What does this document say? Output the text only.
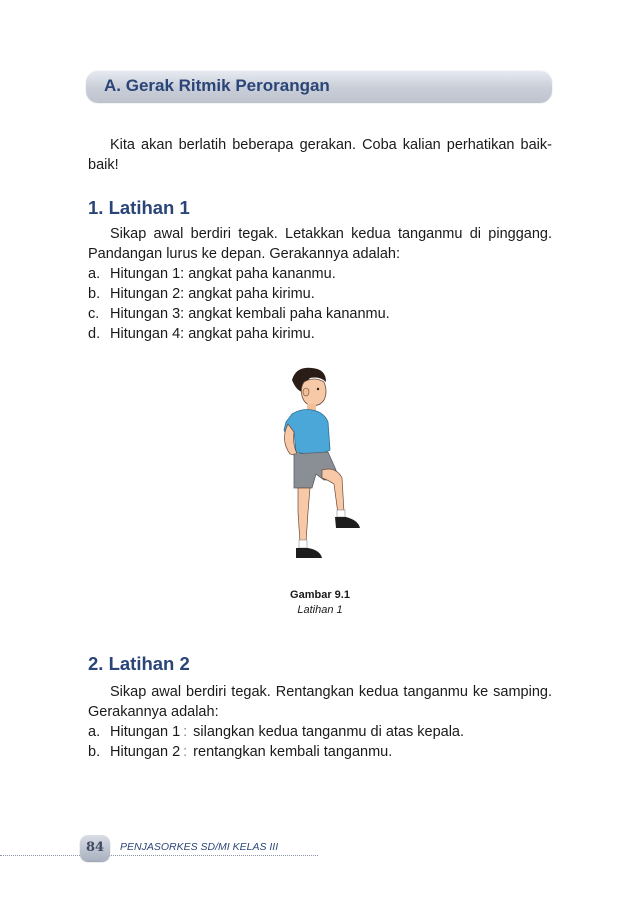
A. Gerak Ritmik Perorangan

Kita akan berlatih beberapa gerakan. Coba kalian perhatikan baik-baik!

1. Latihan 1

Sikap awal berdiri tegak. Letakkan kedua tanganmu di pinggang. Pandangan lurus ke depan. Gerakannya adalah:

a. Hitungan 1: angkat paha kananmu.
b. Hitungan 2: angkat paha kirimu.
c. Hitungan 3: angkat kembali paha kananmu.
d. Hitungan 4: angkat paha kirimu.
Gambar 9.1
Latihan 1
2. Latihan 2

Sikap awal berdiri tegak. Rentangkan kedua tanganmu ke samping. Gerakannya adalah:

a. Hitungan 1 : silangkan kedua tanganmu di atas kepala.
b. Hitungan 2 : rentangkan kembali tanganmu.
84	PENJASORKES SD/MI KELAS III
